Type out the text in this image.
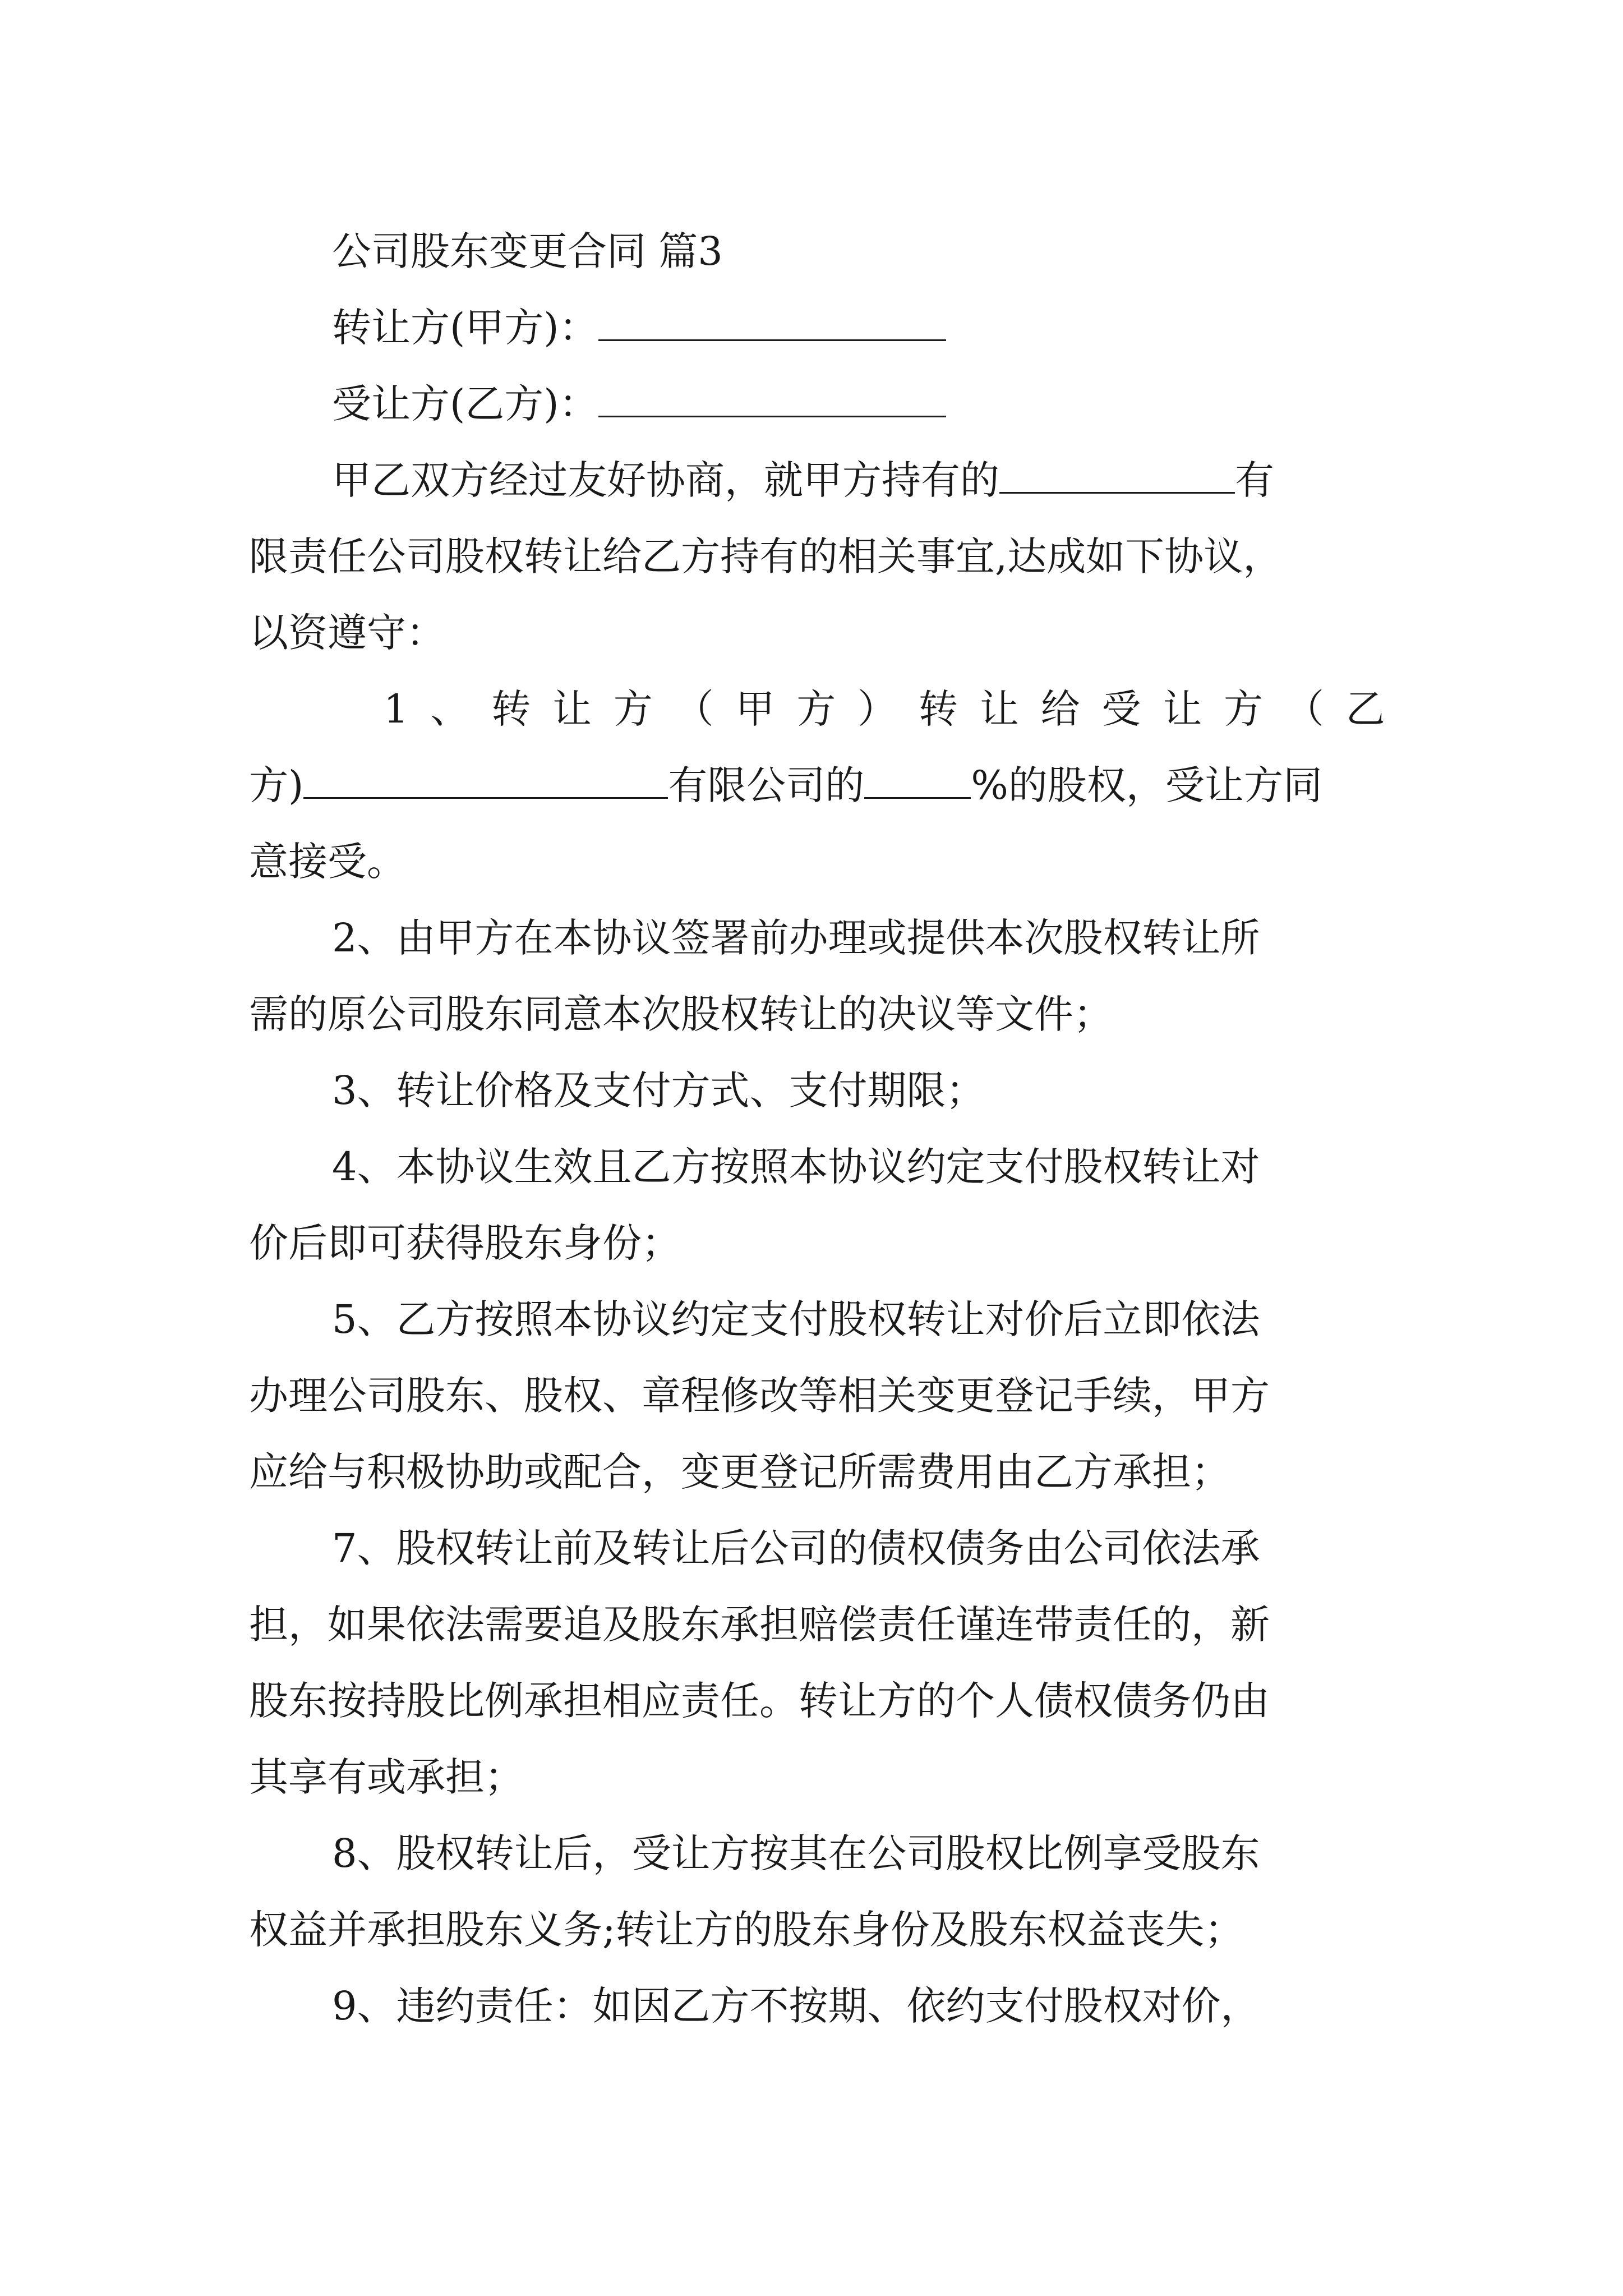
公司股东变更合同 篇3
转让方(甲方)：
受让方(乙方)：
甲乙双方经过友好协商，就甲方持有的	有
限责任公司股权转让给乙方持有的相关事宜,达成如下协议，
以资遵守：
1 、 转 让 方 （ 甲 方 ） 转 让 给 受 让 方 （ 乙
方)	有限公司的	%的股权，受让方同
意接受。
2、由甲方在本协议签署前办理或提供本次股权转让所
需的原公司股东同意本次股权转让的决议等文件；
3、转让价格及支付方式、支付期限；
4、本协议生效且乙方按照本协议约定支付股权转让对
价后即可获得股东身份；
5、乙方按照本协议约定支付股权转让对价后立即依法
办理公司股东、股权、章程修改等相关变更登记手续，甲方
应给与积极协助或配合，变更登记所需费用由乙方承担；
7、股权转让前及转让后公司的债权债务由公司依法承
担，如果依法需要追及股东承担赔偿责任谨连带责任的，新
股东按持股比例承担相应责任。转让方的个人债权债务仍由
其享有或承担；
8、股权转让后，受让方按其在公司股权比例享受股东
权益并承担股东义务;转让方的股东身份及股东权益丧失；
9、违约责任：如因乙方不按期、依约支付股权对价，
